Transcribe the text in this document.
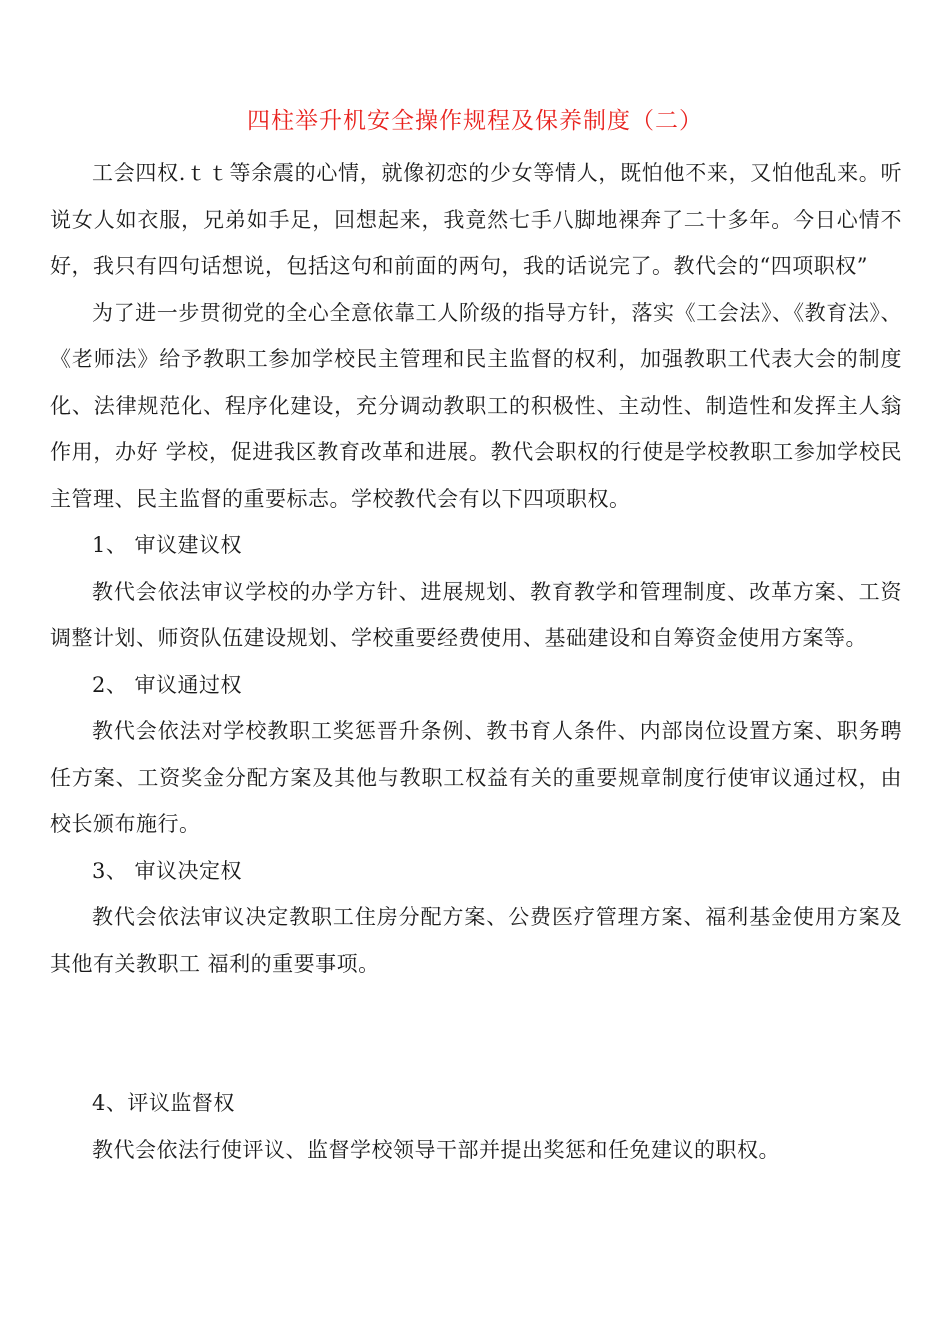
四柱举升机安全操作规程及保养制度（二）

工会四权.ｔｔ等余震的心情，就像初恋的少女等情人，既怕他不来，又怕他乱来。听说女人如衣服，兄弟如手足，回想起来，我竟然七手八脚地裸奔了二十多年。今日心情不好，我只有四句话想说，包括这句和前面的两句，我的话说完了。教代会的“四项职权”

为了进一步贯彻党的全心全意依靠工人阶级的指导方针，落实《工会法》、《教育法》、《老师法》给予教职工参加学校民主管理和民主监督的权利，加强教职工代表大会的制度化、法律规范化、程序化建设，充分调动教职工的积极性、主动性、制造性和发挥主人翁作用，办好 学校，促进我区教育改革和进展。教代会职权的行使是学校教职工参加学校民主管理、民主监督的重要标志。学校教代会有以下四项职权。

1、 审议建议权

教代会依法审议学校的办学方针、进展规划、教育教学和管理制度、改革方案、工资调整计划、师资队伍建设规划、学校重要经费使用、基础建设和自筹资金使用方案等。

2、 审议通过权

教代会依法对学校教职工奖惩晋升条例、教书育人条件、内部岗位设置方案、职务聘任方案、工资奖金分配方案及其他与教职工权益有关的重要规章制度行使审议通过权，由校长颁布施行。

3、 审议决定权

教代会依法审议决定教职工住房分配方案、公费医疗管理方案、福利基金使用方案及其他有关教职工 福利的重要事项。

4、评议监督权

教代会依法行使评议、监督学校领导干部并提出奖惩和任免建议的职权。
